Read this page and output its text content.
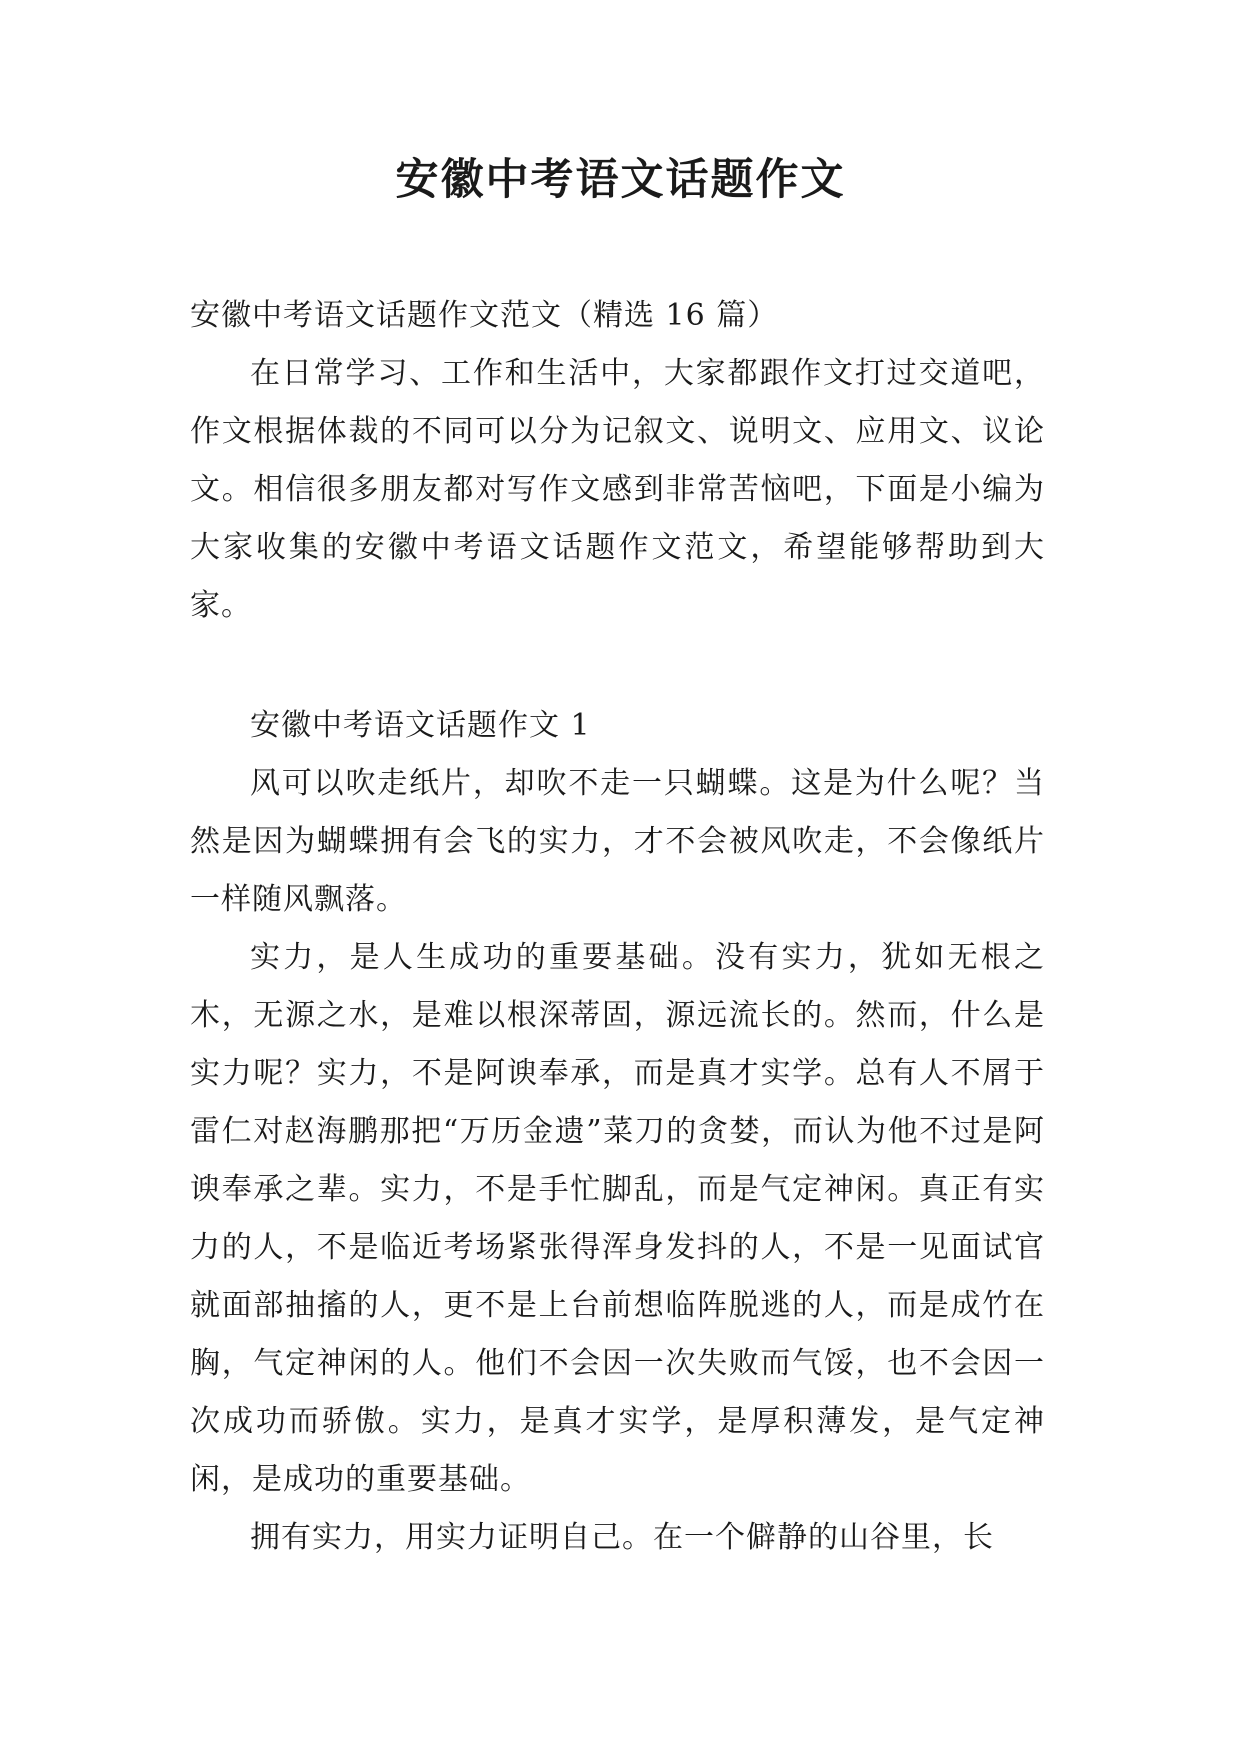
安徽中考语文话题作文

安徽中考语文话题作文范文（精选 16 篇）

在日常学习、工作和生活中，大家都跟作文打过交道吧，作文根据体裁的不同可以分为记叙文、说明文、应用文、议论文。相信很多朋友都对写作文感到非常苦恼吧，下面是小编为大家收集的安徽中考语文话题作文范文，希望能够帮助到大家。

安徽中考语文话题作文 1

风可以吹走纸片，却吹不走一只蝴蝶。这是为什么呢？当然是因为蝴蝶拥有会飞的实力，才不会被风吹走，不会像纸片一样随风飘落。

实力，是人生成功的重要基础。没有实力，犹如无根之木，无源之水，是难以根深蒂固，源远流长的。然而，什么是实力呢？实力，不是阿谀奉承，而是真才实学。总有人不屑于雷仁对赵海鹏那把“万历金遗”菜刀的贪婪，而认为他不过是阿谀奉承之辈。实力，不是手忙脚乱，而是气定神闲。真正有实力的人，不是临近考场紧张得浑身发抖的人，不是一见面试官就面部抽搐的人，更不是上台前想临阵脱逃的人，而是成竹在胸，气定神闲的人。他们不会因一次失败而气馁，也不会因一次成功而骄傲。实力，是真才实学，是厚积薄发，是气定神闲，是成功的重要基础。

拥有实力，用实力证明自己。在一个僻静的山谷里，长
